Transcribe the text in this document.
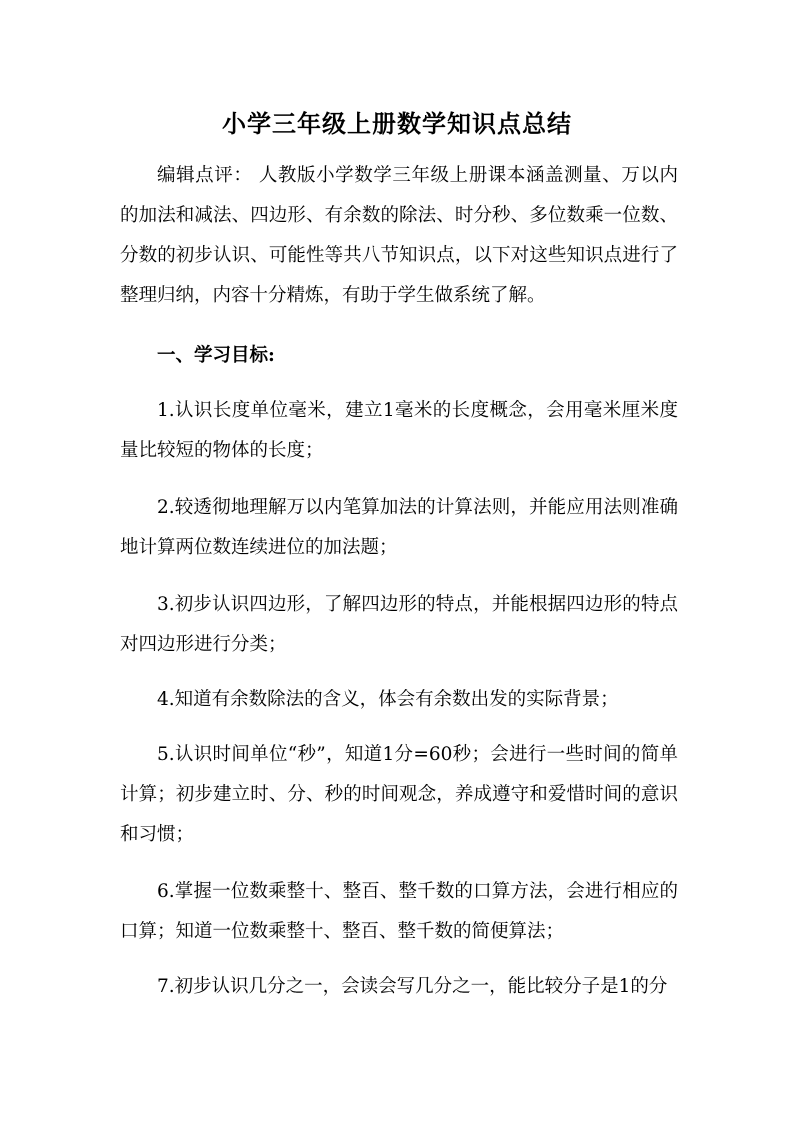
小学三年级上册数学知识点总结

编辑点评： 人教版小学数学三年级上册课本涵盖测量、万以内的加法和减法、四边形、有余数的除法、时分秒、多位数乘一位数、分数的初步认识、可能性等共八节知识点，以下对这些知识点进行了整理归纳，内容十分精炼，有助于学生做系统了解。

一、学习目标:

1.认识长度单位毫米，建立1毫米的长度概念，会用毫米厘米度量比较短的物体的长度；

2.较透彻地理解万以内笔算加法的计算法则，并能应用法则准确地计算两位数连续进位的加法题；

3.初步认识四边形，了解四边形的特点，并能根据四边形的特点对四边形进行分类；

4.知道有余数除法的含义，体会有余数出发的实际背景；

5.认识时间单位“秒”，知道1分=60秒；会进行一些时间的简单计算；初步建立时、分、秒的时间观念，养成遵守和爱惜时间的意识和习惯；

6.掌握一位数乘整十、整百、整千数的口算方法，会进行相应的口算；知道一位数乘整十、整百、整千数的简便算法；

7.初步认识几分之一，会读会写几分之一，能比较分子是1的分
